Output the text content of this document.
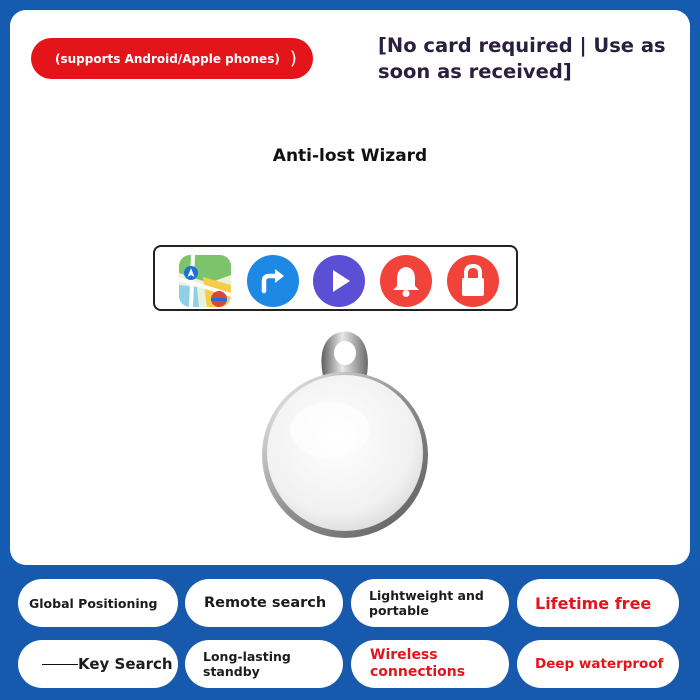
(supports Android/Apple phones) )
[No card required | Use as soon as received]
Anti-lost Wizard
Global Positioning	Remote search	Lightweight and portable	Lifetime free
Key Search Long-lasting standby
Wireless connections	Deep waterproof
